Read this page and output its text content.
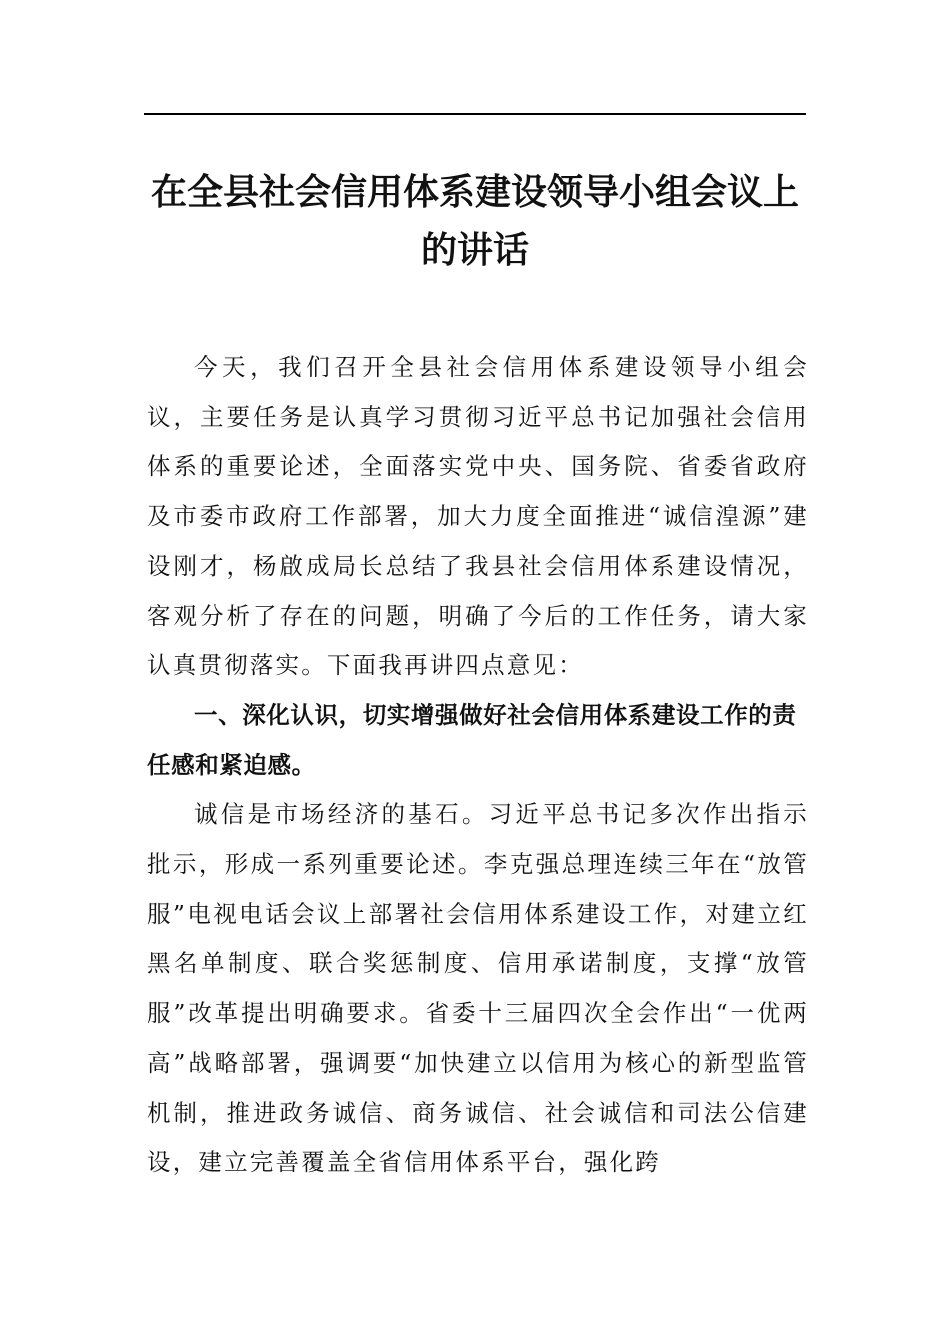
在全县社会信用体系建设领导小组会议上
的讲话

今天，我们召开全县社会信用体系建设领导小组会议，主要任务是认真学习贯彻习近平总书记加强社会信用体系的重要论述，全面落实党中央、国务院、省委省政府及市委市政府工作部署，加大力度全面推进“诚信湟源”建设刚才，杨啟成局长总结了我县社会信用体系建设情况，客观分析了存在的问题，明确了今后的工作任务，请大家认真贯彻落实。下面我再讲四点意见：

一、深化认识，切实增强做好社会信用体系建设工作的责任感和紧迫感。

诚信是市场经济的基石。习近平总书记多次作出指示批示，形成一系列重要论述。李克强总理连续三年在“放管服”电视电话会议上部署社会信用体系建设工作，对建立红黑名单制度、联合奖惩制度、信用承诺制度，支撑“放管服”改革提出明确要求。省委十三届四次全会作出“一优两高”战略部署，强调要“加快建立以信用为核心的新型监管机制，推进政务诚信、商务诚信、社会诚信和司法公信建设，建立完善覆盖全省信用体系平台，强化跨
